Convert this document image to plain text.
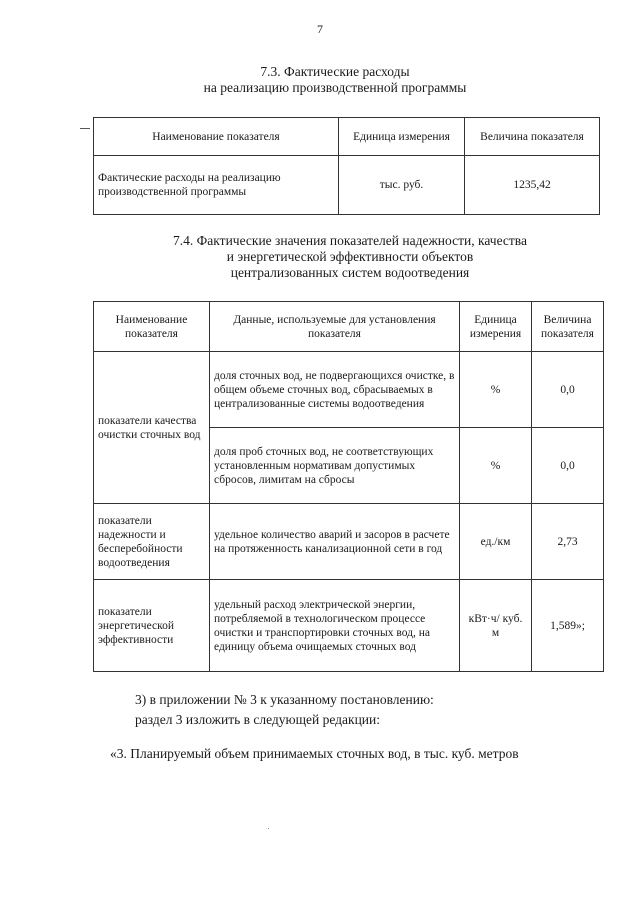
7
7.3. Фактические расходы
на реализацию производственной программы
Наименование показателя	Единица измерения	Величина показателя
Фактические расходы на реализацию производственной программы	тыс. руб.	1235,42
7.4. Фактические значения показателей надежности, качества
и энергетической эффективности объектов
централизованных систем водоотведения
Наименование показателя	Данные, используемые для установления показателя	Единица измерения	Величина показателя
показатели качества очистки сточных вод	доля сточных вод, не подвергающихся очистке, в общем объеме сточных вод, сбрасываемых в централизованные системы водоотведения	%	0,0
	доля проб сточных вод, не соответствующих установленным нормативам допустимых сбросов, лимитам на сбросы	%	0,0
показатели надежности и бесперебойности водоотведения	удельное количество аварий и засоров в расчете на протяженность канализационной сети в год	ед./км	2,73
показатели энергетической эффективности	удельный расход электрической энергии, потребляемой в технологическом процессе очистки и транспортировки сточных вод, на единицу объема очищаемых сточных вод	кВт·ч/ куб. м	1,589»;
3) в приложении № 3 к указанному постановлению:
раздел 3 изложить в следующей редакции:
«3. Планируемый объем принимаемых сточных вод, в тыс. куб. метров
